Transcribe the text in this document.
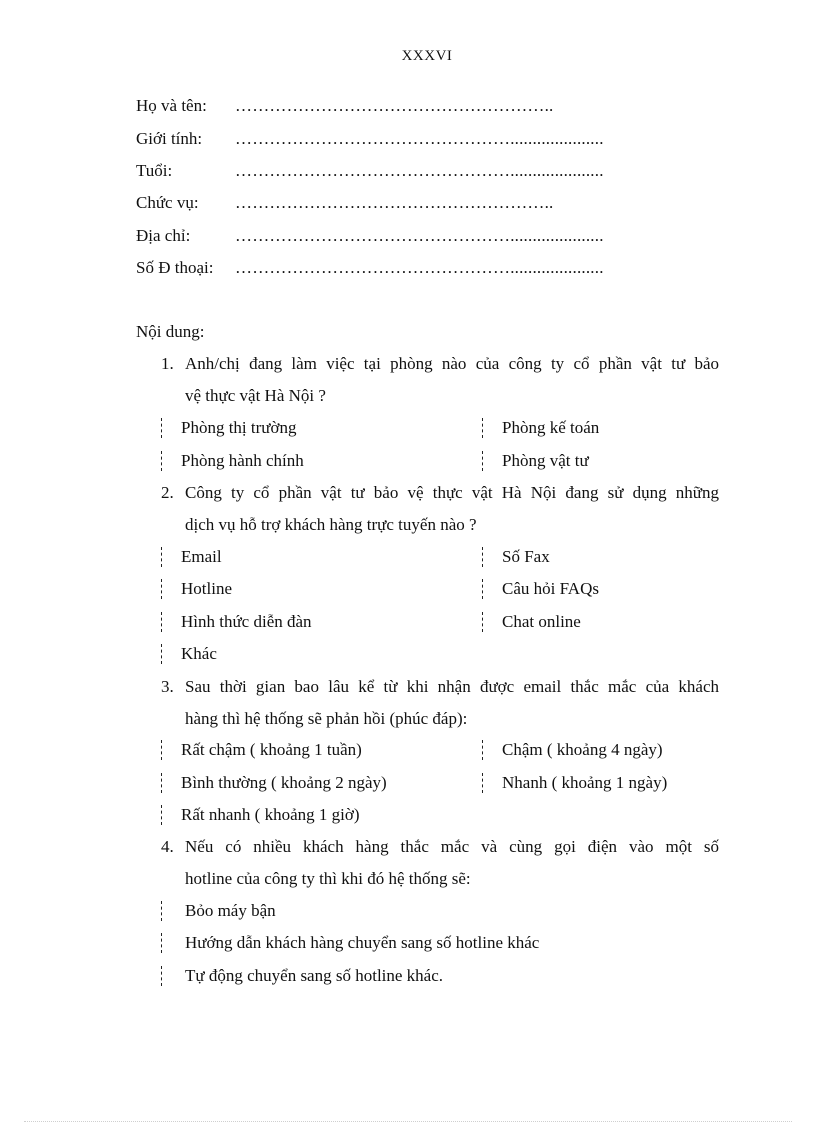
XXXVI
Họ và tên: ………………………………………………..
Giới tính: ………………………………………….....................
Tuổi:	………………………………………….....................
Chức vụ: ………………………………………………..
Địa chỉ:	………………………………………….....................
Số Đ thoại: ………………………………………….....................
Nội dung:
1. Anh/chị đang làm việc tại phòng nào của công ty cổ phần vật tư bảo
vệ thực vật Hà Nội ?
Phòng thị trường	Phòng kế toán
Phòng hành chính	Phòng vật tư
2. Công ty cổ phần vật tư bảo vệ thực vật Hà Nội đang sử dụng những
dịch vụ hỗ trợ khách hàng trực tuyến nào ?
Email	Số Fax
Hotline	Câu hỏi FAQs
Hình thức diễn đàn	Chat online
Khác
3. Sau thời gian bao lâu kể từ khi nhận được email thắc mắc của khách
hàng thì hệ thống sẽ phản hồi (phúc đáp):
Rất chậm ( khoảng 1 tuần)	Chậm ( khoảng 4 ngày)
Bình thường ( khoảng 2 ngày)	Nhanh ( khoảng 1 ngày)
Rất nhanh ( khoảng 1 giờ)
4. Nếu có nhiều khách hàng thắc mắc và cùng gọi điện vào một số
hotline của công ty thì khi đó hệ thống sẽ:
Bỏo máy bận
Hướng dẫn khách hàng chuyển sang số hotline khác
Tự động chuyển sang số hotline khác.
